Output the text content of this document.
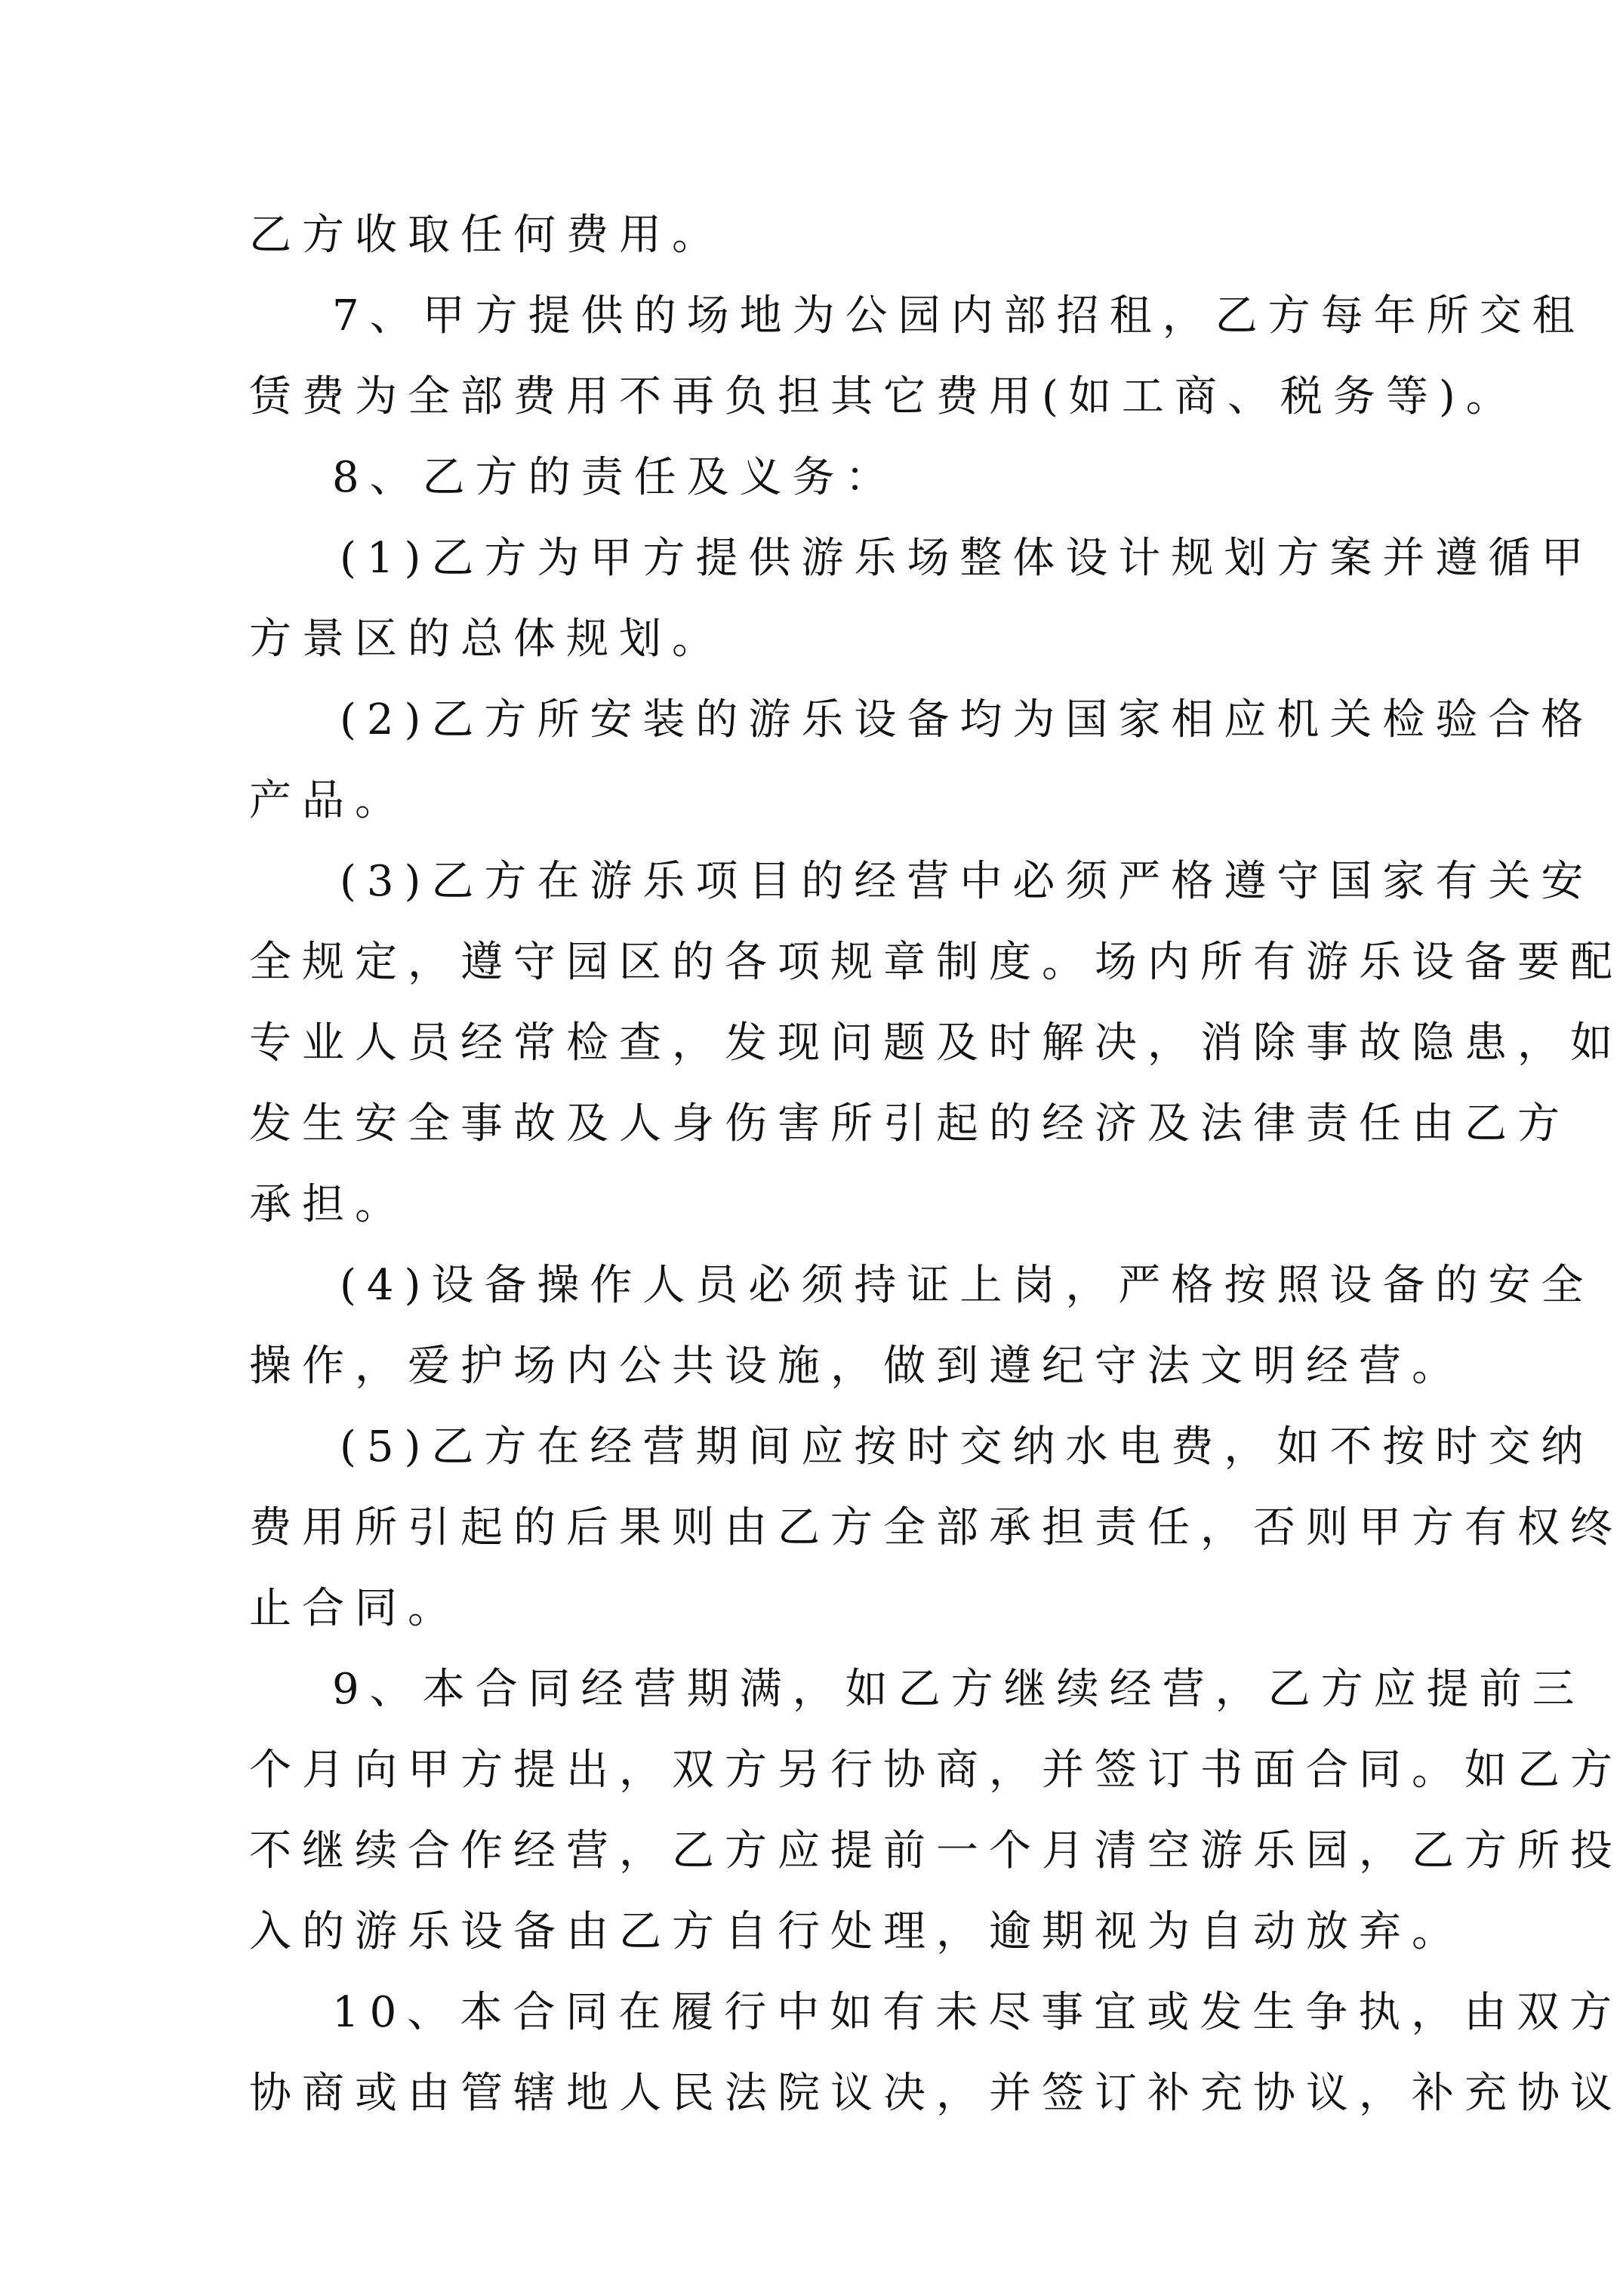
乙方收取任何费用。
7、甲方提供的场地为公园内部招租，乙方每年所交租
赁费为全部费用不再负担其它费用(如工商、税务等)。
8、乙方的责任及义务：
(1)乙方为甲方提供游乐场整体设计规划方案并遵循甲
方景区的总体规划。
(2)乙方所安装的游乐设备均为国家相应机关检验合格
产品。
(3)乙方在游乐项目的经营中必须严格遵守国家有关安
全规定，遵守园区的各项规章制度。场内所有游乐设备要配
专业人员经常检查，发现问题及时解决，消除事故隐患，如
发生安全事故及人身伤害所引起的经济及法律责任由乙方
承担。
(4)设备操作人员必须持证上岗，严格按照设备的安全
操作，爱护场内公共设施，做到遵纪守法文明经营。
(5)乙方在经营期间应按时交纳水电费，如不按时交纳
费用所引起的后果则由乙方全部承担责任，否则甲方有权终
止合同。
9、本合同经营期满，如乙方继续经营，乙方应提前三
个月向甲方提出，双方另行协商，并签订书面合同。如乙方
不继续合作经营，乙方应提前一个月清空游乐园，乙方所投
入的游乐设备由乙方自行处理，逾期视为自动放弃。
10、本合同在履行中如有未尽事宜或发生争执，由双方
协商或由管辖地人民法院议决，并签订补充协议，补充协议
